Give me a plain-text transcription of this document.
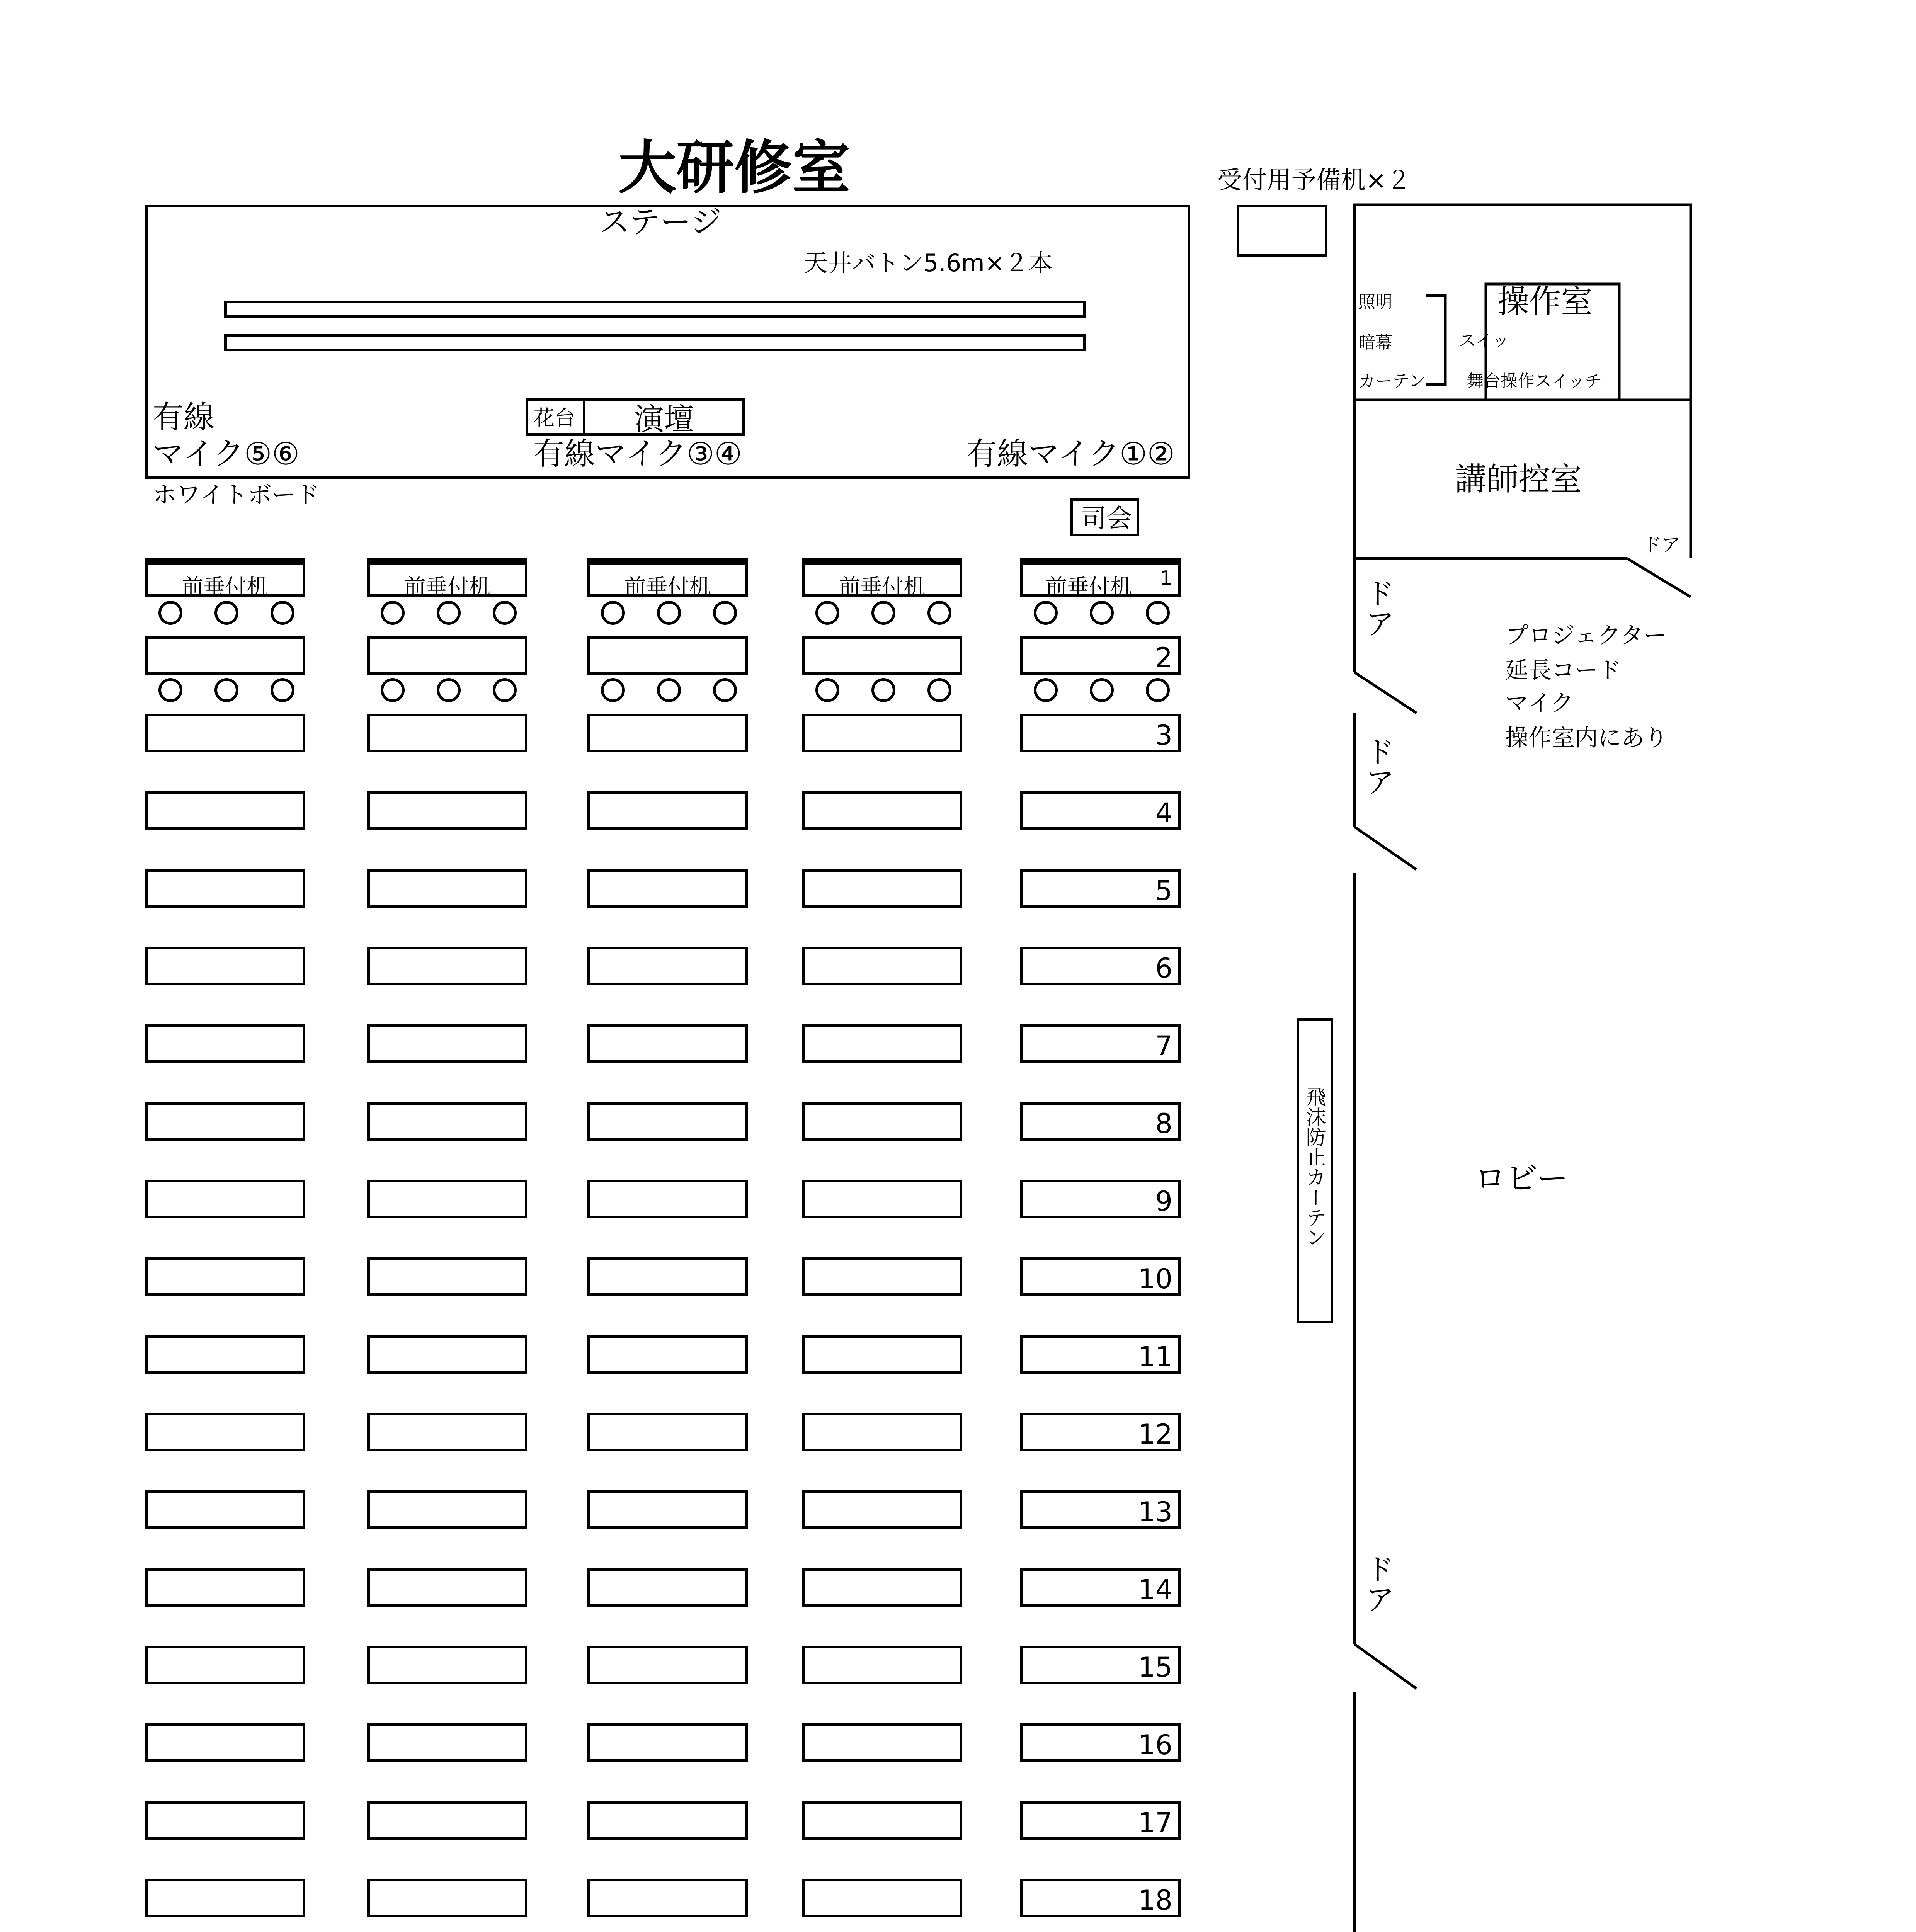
大研修室
ステージ
天井バトン5.6m×２本
有線
マイク⑤⑥
花台 演壇
有線マイク③④	有線マイク①②
ホワイトボード
司会
受付用予備机×２
照明
暗幕
カーテン
スイッ
操作室
舞台操作スイッチ
講師控室
ドア
ドア
ドア
ドア
プロジェクター
延長コード
マイク
操作室内にあり
飛沫防止カーテン	ロビー
前垂付机	前垂付机	前垂付机	前垂付机	前垂付机	1
2
3
4
5
6
7
8
9
10
11
12
13
14
15
16
17
18
